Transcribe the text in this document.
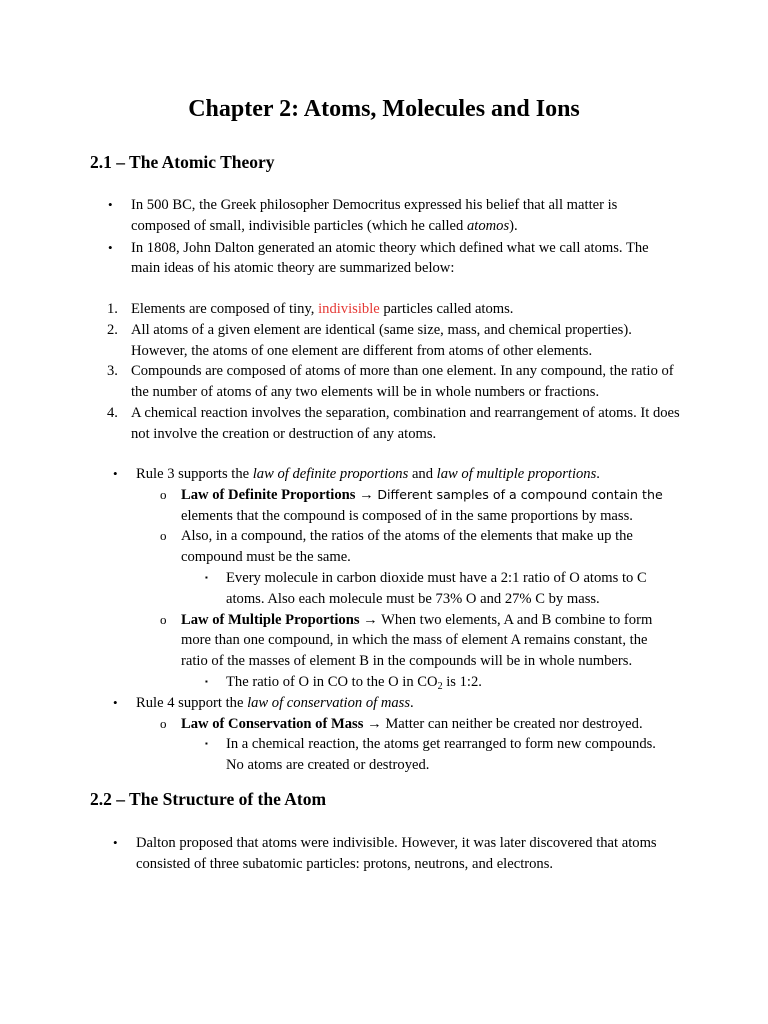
Chapter 2: Atoms, Molecules and Ions
2.1 – The Atomic Theory
• In 500 BC, the Greek philosopher Democritus expressed his belief that all matter is composed of small, indivisible particles (which he called atomos).
• In 1808, John Dalton generated an atomic theory which defined what we call atoms. The main ideas of his atomic theory are summarized below:
1. Elements are composed of tiny, indivisible particles called atoms.
2. All atoms of a given element are identical (same size, mass, and chemical properties). However, the atoms of one element are different from atoms of other elements.
3. Compounds are composed of atoms of more than one element. In any compound, the ratio of the number of atoms of any two elements will be in whole numbers or fractions.
4. A chemical reaction involves the separation, combination and rearrangement of atoms. It does not involve the creation or destruction of any atoms.
• Rule 3 supports the law of definite proportions and law of multiple proportions.
o Law of Definite Proportions → Different samples of a compound contain the
elements that the compound is composed of in the same proportions by mass.
o Also, in a compound, the ratios of the atoms of the elements that make up the compound must be the same.
▪ Every molecule in carbon dioxide must have a 2:1 ratio of O atoms to C atoms. Also each molecule must be 73% O and 27% C by mass.
o Law of Multiple Proportions → When two elements, A and B combine to form more than one compound, in which the mass of element A remains constant, the ratio of the masses of element B in the compounds will be in whole numbers.
▪ The ratio of O in CO to the O in $CO_2$ is 1:2.
• Rule 4 support the law of conservation of mass.
o Law of Conservation of Mass → Matter can neither be created nor destroyed.
▪ In a chemical reaction, the atoms get rearranged to form new compounds. No atoms are created or destroyed.
2.2 – The Structure of the Atom
• Dalton proposed that atoms were indivisible. However, it was later discovered that atoms consisted of three subatomic particles: protons, neutrons, and electrons.
